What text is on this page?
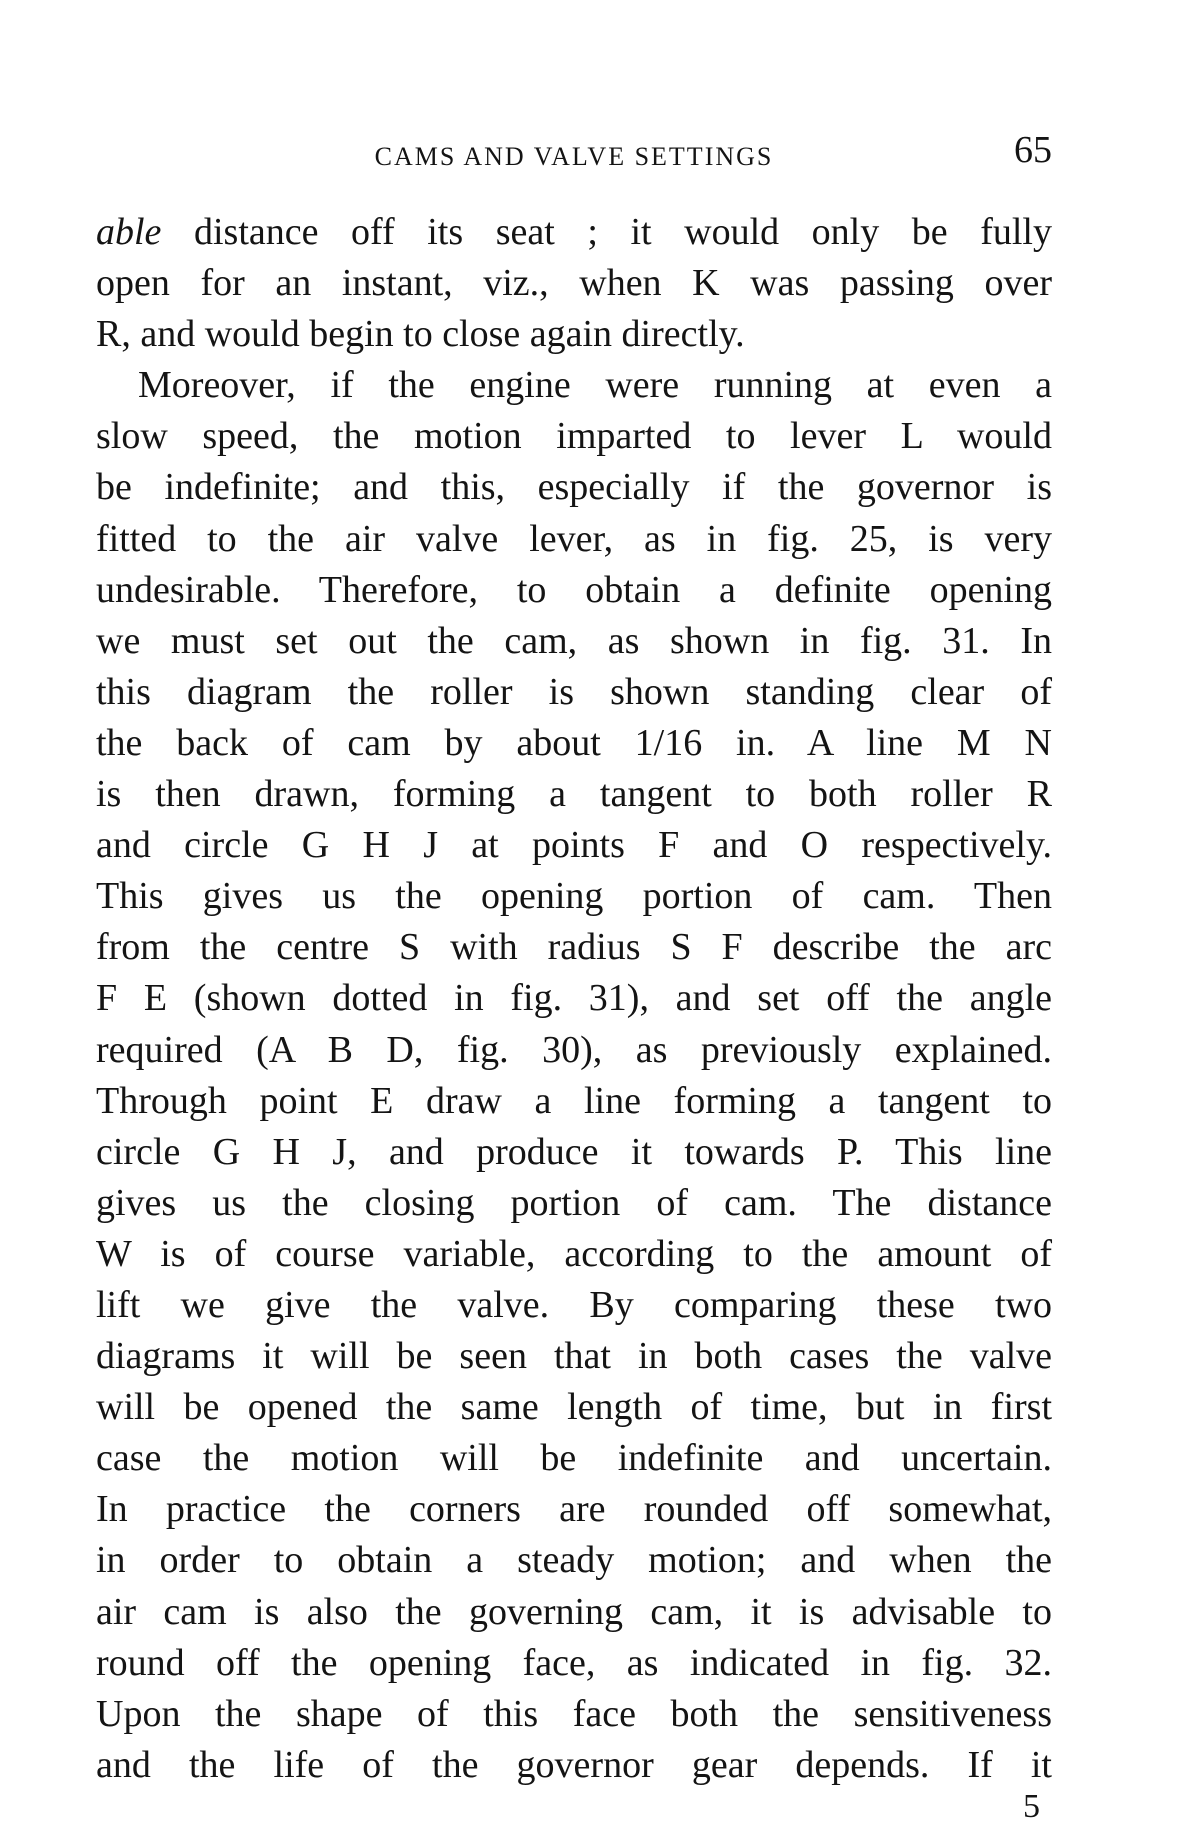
CAMS AND VALVE SETTINGS	65
able distance off its seat ; it would only be fully
open for an instant, viz., when K was passing over
R, and would begin to close again directly.
Moreover, if the engine were running at even a
slow speed, the motion imparted to lever L would
be indefinite; and this, especially if the governor is
fitted to the air valve lever, as in fig. 25, is very
undesirable. Therefore, to obtain a definite opening
we must set out the cam, as shown in fig. 31. In
this diagram the roller is shown standing clear of
the back of cam by about 1/16 in. A line M N
is then drawn, forming a tangent to both roller R
and circle G H J at points F and O respectively.
This gives us the opening portion of cam. Then
from the centre S with radius S F describe the arc
F E (shown dotted in fig. 31), and set off the angle
required (A B D, fig. 30), as previously explained.
Through point E draw a line forming a tangent to
circle G H J, and produce it towards P. This line
gives us the closing portion of cam. The distance
W is of course variable, according to the amount of
lift we give the valve. By comparing these two
diagrams it will be seen that in both cases the valve
will be opened the same length of time, but in first
case the motion will be indefinite and uncertain.
In practice the corners are rounded off somewhat,
in order to obtain a steady motion; and when the
air cam is also the governing cam, it is advisable to
round off the opening face, as indicated in fig. 32.
Upon the shape of this face both the sensitiveness
and the life of the governor gear depends. If it
5
